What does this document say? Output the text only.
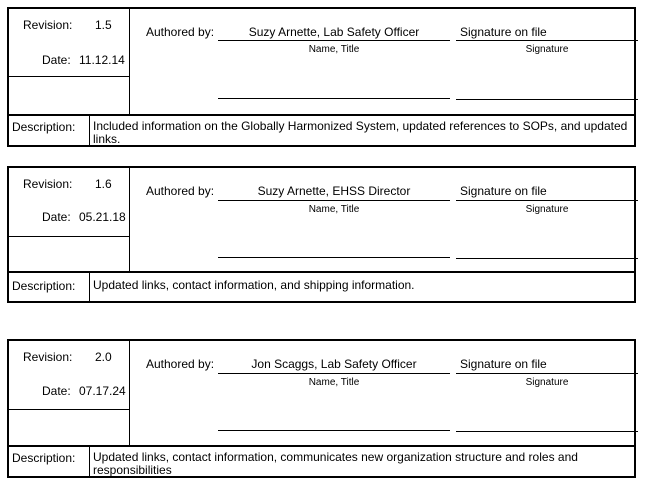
Revision: 1.5
Date: 11.12.14
Authored by:	Suzy Arnette, Lab Safety Officer
Name, Title
Signature on file
Signature
Description: Included information on the Globally Harmonized System, updated references to SOPs, and updated links.
Revision: 1.6
Date: 05.21.18
Authored by:	Suzy Arnette, EHSS Director
Name, Title
Signature on file
Signature
Description: Updated links, contact information, and shipping information.
Revision: 2.0
Date: 07.17.24
Authored by:	Jon Scaggs, Lab Safety Officer
Name, Title
Signature on file
Signature
Description: Updated links, contact information, communicates new organization structure and roles and responsibilities
